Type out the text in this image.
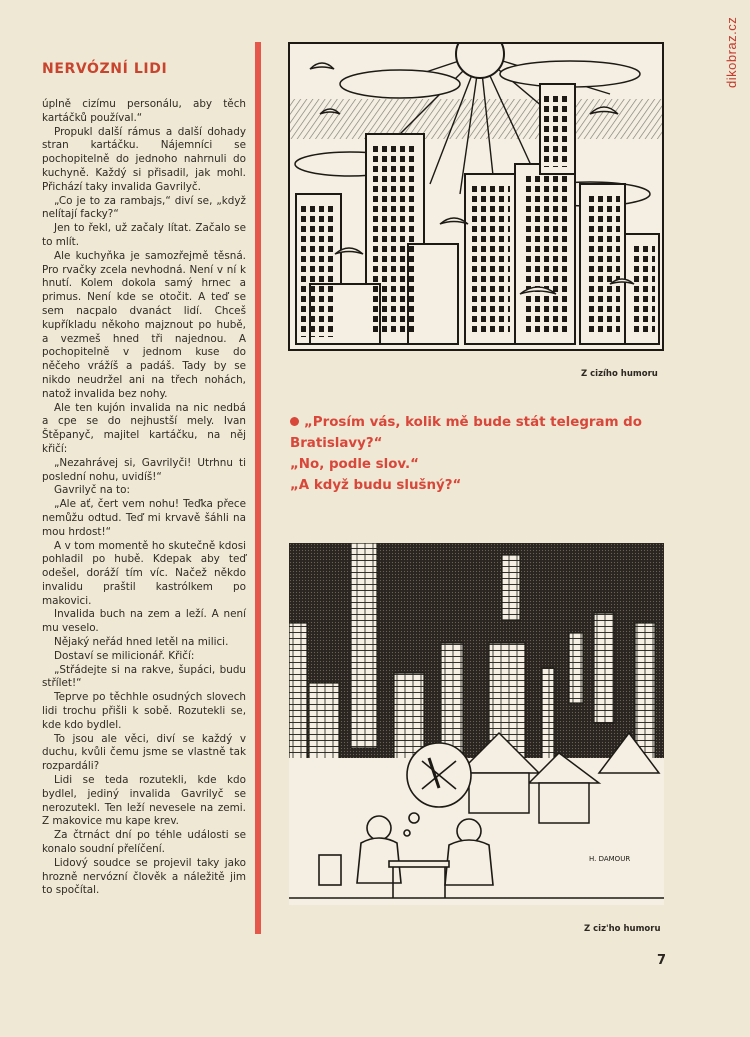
dikobraz.cz
NERVÓZNÍ LIDI

úplně cizímu personálu, aby těch kartáčků používal.“

Propukl další rámus a další dohady stran kartáčku. Nájemníci se pochopitelně do jednoho nahrnuli do kuchyně. Každý si přisadil, jak mohl. Přichází taky invalida Gavrilyč.

„Co je to za rambajs,“ diví se, „když nelítají facky?“

Jen to řekl, už začaly lítat. Začalo se to mlít.

Ale kuchyňka je samozřejmě těsná. Pro rvačky zcela nevhodná. Není v ní k hnutí. Kolem dokola samý hrnec a primus. Není kde se otočit. A teď se sem nacpalo dvanáct lidí. Chceš kupříkladu někoho majznout po hubě, a vezmeš hned tři najednou. A pochopitelně v jednom kuse do něčeho vrážíš a padáš. Tady by se nikdo neudržel ani na třech nohách, natož invalida bez nohy.

Ale ten kujón invalida na nic nedbá a cpe se do nejhustší mely. Ivan Štěpanyč, majitel kartáčku, na něj křičí:

„Nezahrávej si, Gavrilyči! Utrhnu ti poslední nohu, uvidíš!“

Gavrilyč na to:

„Ale ať, čert vem nohu! Teďka přece nemůžu odtud. Teď mi krvavě šáhli na mou hrdost!“

A v tom momentě ho skutečně kdosi pohladil po hubě. Kdepak aby teď odešel, doráží tím víc. Načež někdo invalidu praštil kastrólkem po makovici.

Invalida buch na zem a leží. A není mu veselo.

Nějaký neřád hned letěl na milici.

Dostaví se milicionář. Křičí:

„Střádejte si na rakve, šupáci, budu střílet!“

Teprve po těchhle osudných slovech lidi trochu přišli k sobě. Rozutekli se, kde kdo bydlel.

To jsou ale věci, diví se každý v duchu, kvůli čemu jsme se vlastně tak rozpardáli?

Lidi se teda rozutekli, kde kdo bydlel, jediný invalida Gavrilyč se nerozutekl. Ten leží nevesele na zemi. Z makovice mu kape krev.

Za čtrnáct dní po téhle události se konalo soudní přelíčení.

Lidový soudce se projevil taky jako hrozně nervózní člověk a náležitě jim to spočítal.

Z cizího humoru

„Prosím vás, kolik mě bude stát telegram do Bratislavy?“

„No, podle slov.“

„A když budu slušný?“

H. DAMOUR
Z ciz'ho humoru
7
